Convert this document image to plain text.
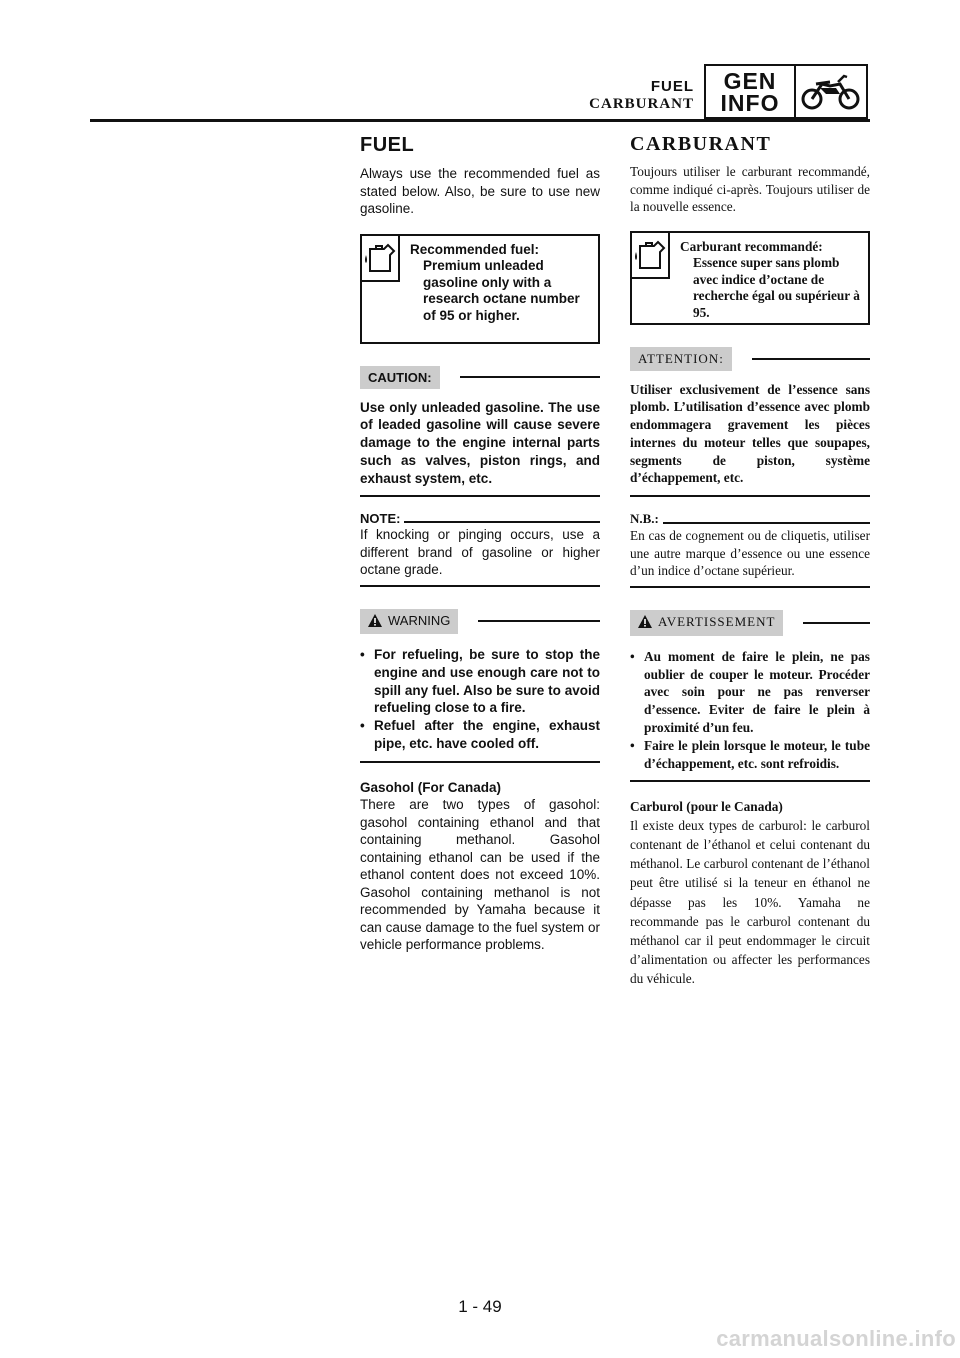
FUEL
CARBURANT
GEN
INFO
FUEL

Always use the recommended fuel as stated below. Also, be sure to use new gasoline.

Recommended fuel:
Premium unleaded gasoline only with a research octane number of 95 or higher.
CAUTION:

Use only unleaded gasoline. The use of leaded gasoline will cause severe damage to the engine internal parts such as valves, piston rings, and exhaust system, etc.

NOTE:

If knocking or pinging occurs, use a different brand of gasoline or higher octane grade.

WARNING
• For refueling, be sure to stop the engine and use enough care not to spill any fuel. Also be sure to avoid refueling close to a fire.
• Refuel after the engine, exhaust pipe, etc. have cooled off.

Gasohol (For Canada)

There are two types of gasohol: gasohol containing ethanol and that containing methanol. Gasohol containing ethanol can be used if the ethanol content does not exceed 10%. Gasohol containing methanol is not recommended by Yamaha because it can cause damage to the fuel system or vehicle performance problems.

CARBURANT

Toujours utiliser le carburant recommandé, comme indiqué ci-après. Toujours utiliser de la nouvelle essence.

Carburant recommandé:
Essence super sans plomb avec indice d’octane de recherche égal ou supérieur à 95.
ATTENTION:

Utiliser exclusivement de l’essence sans plomb. L’utilisation d’essence avec plomb endommagera gravement les pièces internes du moteur telles que soupapes, segments de piston, système d’échappement, etc.

N.B.:

En cas de cognement ou de cliquetis, utiliser une autre marque d’essence ou une essence d’un indice d’octane supérieur.

AVERTISSEMENT
• Au moment de faire le plein, ne pas oublier de couper le moteur. Procéder avec soin pour ne pas renverser d’essence. Eviter de faire le plein à proximité d’un feu.
• Faire le plein lorsque le moteur, le tube d’échappement, etc. sont refroidis.

Carburol (pour le Canada)

Il existe deux types de carburol: le carburol contenant de l’éthanol et celui contenant du méthanol. Le carburol contenant de l’éthanol peut être utilisé si la teneur en éthanol ne dépasse pas les 10%. Yamaha ne recommande pas le carburol contenant du méthanol car il peut endommager le circuit d’alimentation ou affecter les performances du véhicule.

1 - 49
carmanualsonline.info
